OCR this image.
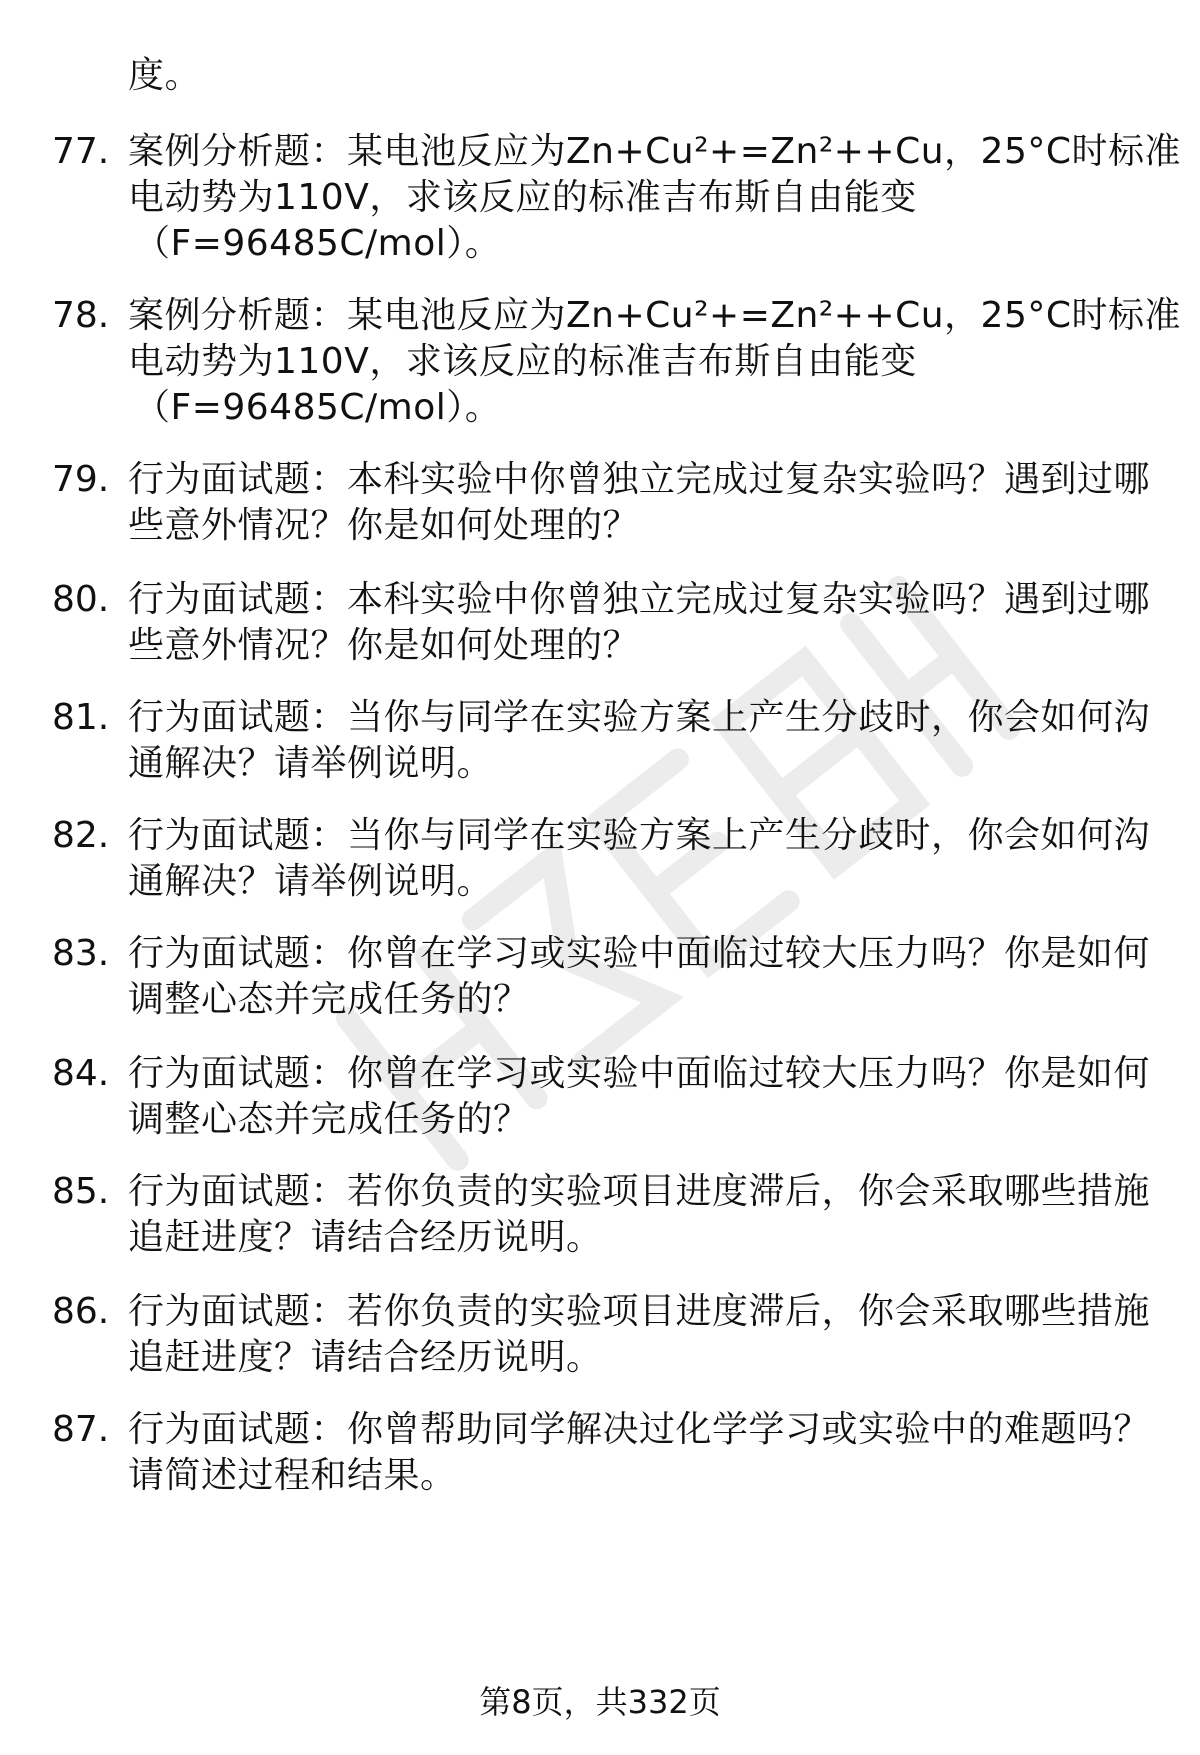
度。
77. 案例分析题：某电池反应为Zn+Cu²+=Zn²++Cu，25°C时标准
电动势为110V，求该反应的标准吉布斯自由能变
（F=96485C/mol）。
78. 案例分析题：某电池反应为Zn+Cu²+=Zn²++Cu，25°C时标准
电动势为110V，求该反应的标准吉布斯自由能变
（F=96485C/mol）。
79. 行为面试题：本科实验中你曾独立完成过复杂实验吗？遇到过哪
些意外情况？你是如何处理的？
80. 行为面试题：本科实验中你曾独立完成过复杂实验吗？遇到过哪
些意外情况？你是如何处理的？
81. 行为面试题：当你与同学在实验方案上产生分歧时，你会如何沟
通解决？请举例说明。
82. 行为面试题：当你与同学在实验方案上产生分歧时，你会如何沟
通解决？请举例说明。
83. 行为面试题：你曾在学习或实验中面临过较大压力吗？你是如何
调整心态并完成任务的？
84. 行为面试题：你曾在学习或实验中面临过较大压力吗？你是如何
调整心态并完成任务的？
85. 行为面试题：若你负责的实验项目进度滞后，你会采取哪些措施
追赶进度？请结合经历说明。
86. 行为面试题：若你负责的实验项目进度滞后，你会采取哪些措施
追赶进度？请结合经历说明。
87. 行为面试题：你曾帮助同学解决过化学学习或实验中的难题吗？
请简述过程和结果。
第8页，共332页
